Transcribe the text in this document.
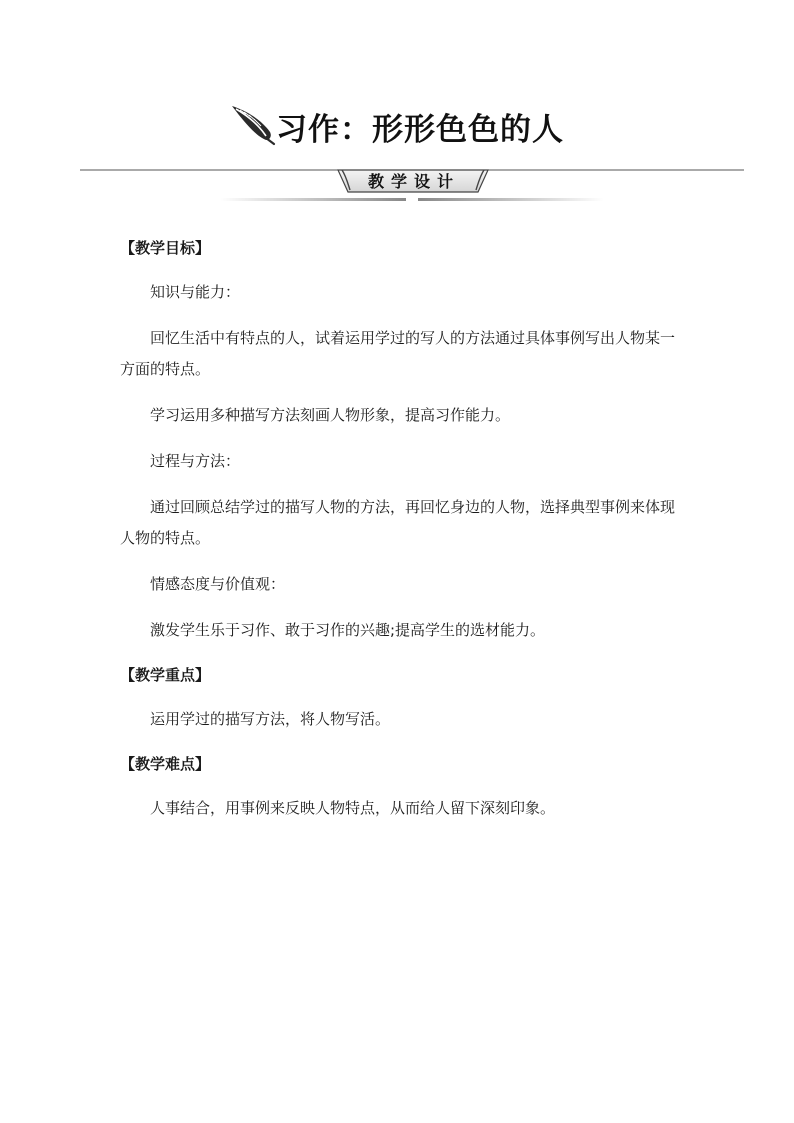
习作：形形色色的人
教学设计

【教学目标】

知识与能力：

回忆生活中有特点的人，试着运用学过的写人的方法通过具体事例写出人物某一方面的特点。

学习运用多种描写方法刻画人物形象，提高习作能力。

过程与方法：

通过回顾总结学过的描写人物的方法，再回忆身边的人物，选择典型事例来体现人物的特点。

情感态度与价值观：

激发学生乐于习作、敢于习作的兴趣;提高学生的选材能力。

【教学重点】

运用学过的描写方法，将人物写活。

【教学难点】

人事结合，用事例来反映人物特点，从而给人留下深刻印象。
